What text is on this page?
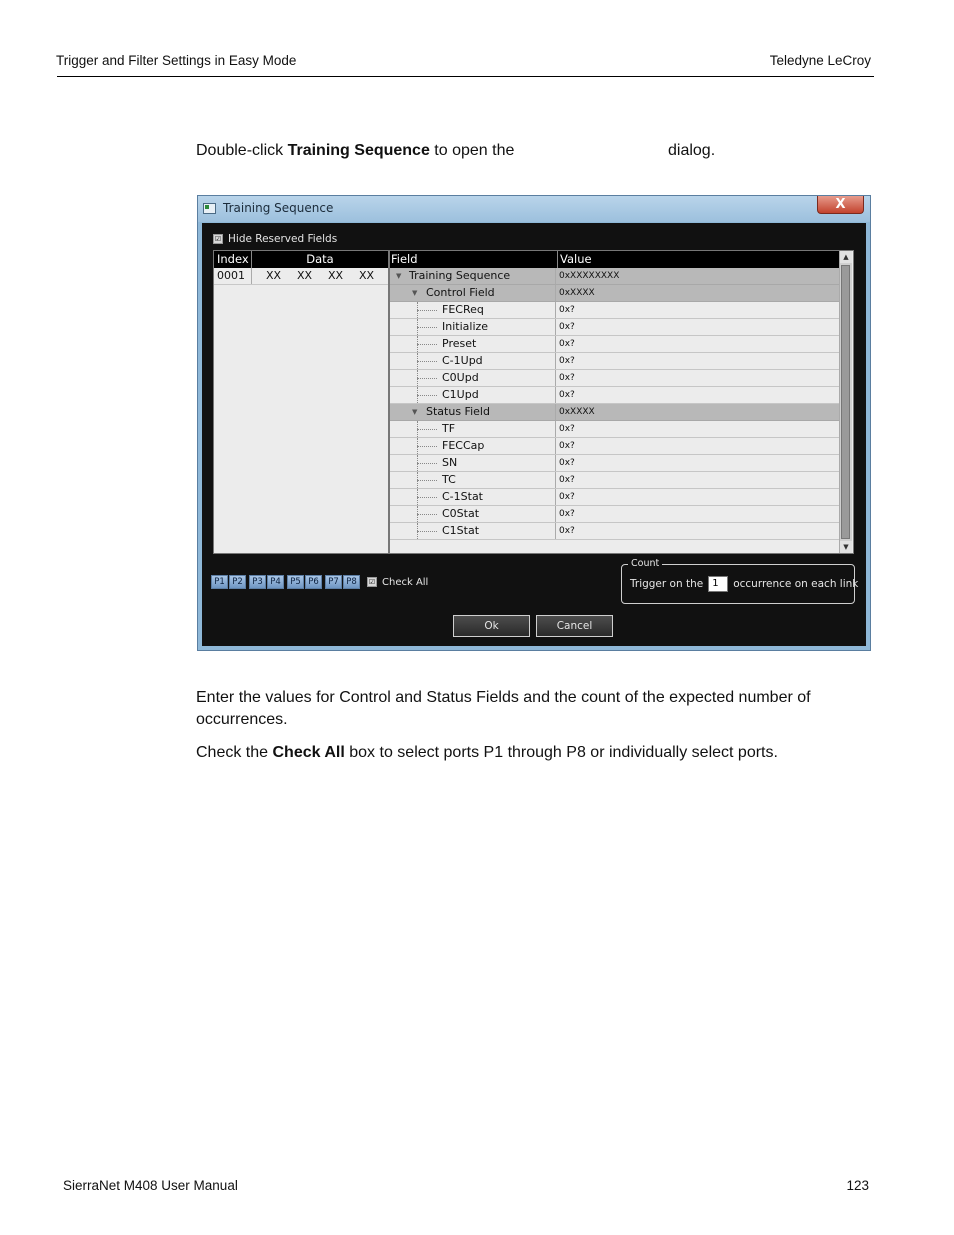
Trigger and Filter Settings in Easy Mode	Teledyne LeCroy
Double-click Training Sequence to open the	dialog.
Training Sequence	X
☑ Hide Reserved Fields
Index	Data
0001	XX XX XX XX
Field	Value
▼ Training Sequence	0xXXXXXXXX
▼ Control Field	0xXXXX
FECReq	0x?
Initialize	0x?
Preset	0x?
C-1Upd	0x?
C0Upd	0x?
C1Upd	0x?
▼ Status Field	0xXXXX
TF	0x?
FECCap	0x?
SN	0x?
TC	0x?
C-1Stat	0x?
C0Stat	0x?
C1Stat	0x?
▲
▼
P1 P2	P3 P4	P5 P6	P7 P8	☑ Check All
Count
Trigger on the 1	occurrence on each link
Ok	Cancel
Enter the values for Control and Status Fields and the count of the expected number of occurrences.
Check the Check All box to select ports P1 through P8 or individually select ports.
SierraNet M408 User Manual	123
